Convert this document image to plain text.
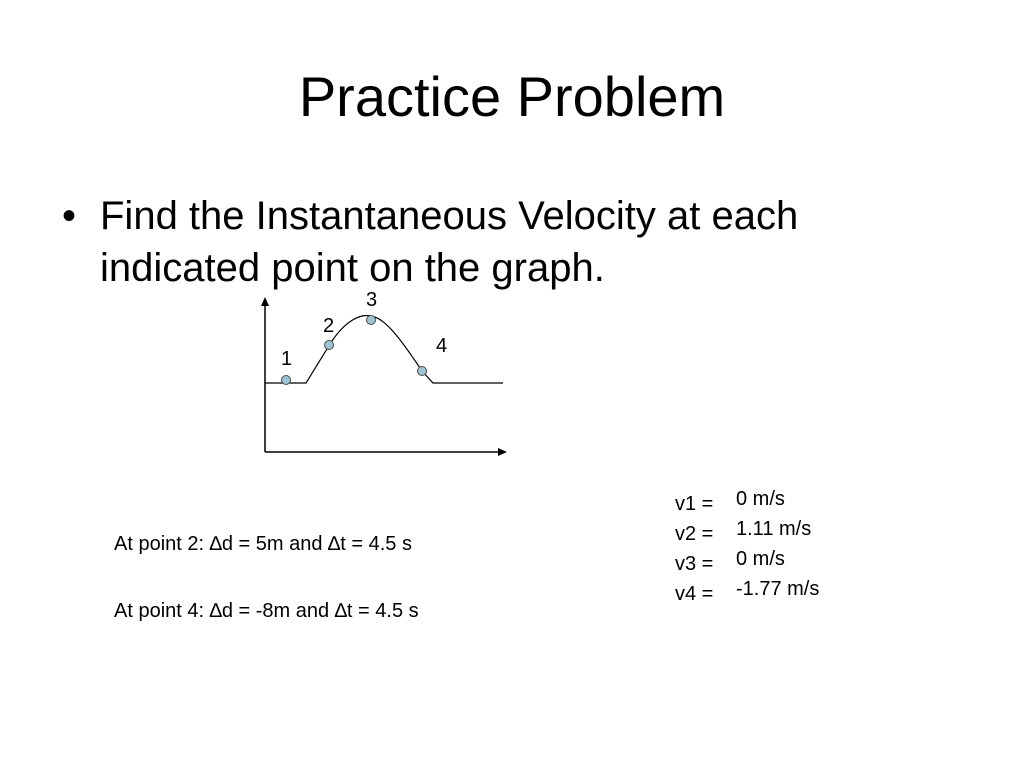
Practice Problem
• Find the Instantaneous Velocity at each indicated point on the graph.
1
2
3
4
At point 2: ∆d = 5m and ∆t = 4.5 s
At point 4: ∆d = -8m and ∆t = 4.5 s
v1 =
v2 =
v3 =
v4 =
0 m/s
1.11 m/s
0 m/s
-1.77 m/s
